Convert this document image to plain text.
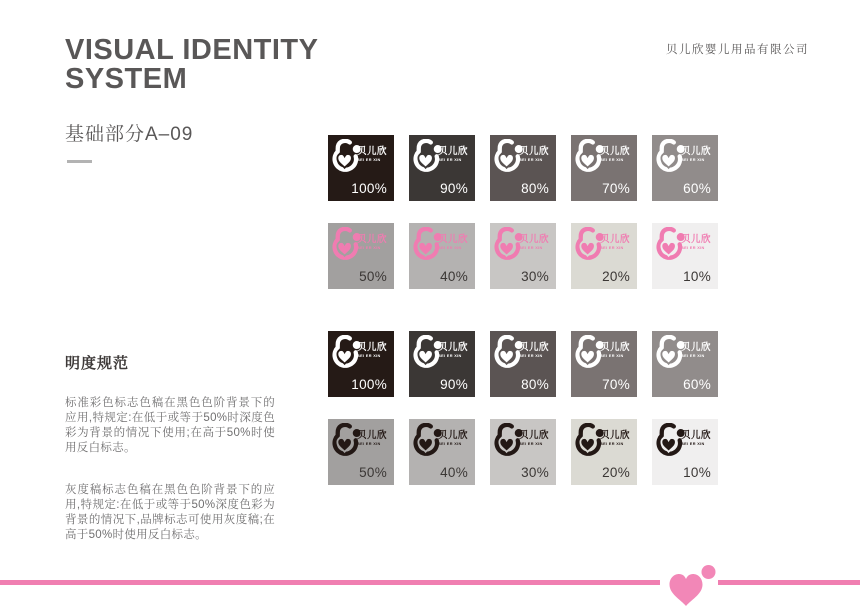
VISUAL IDENTITY
SYSTEM
贝儿欣婴儿用品有限公司
基础部分A–09
明度规范
标准彩色标志色稿在黑色色阶背景下的应用,特规定:在低于或等于50%时深度色彩为背景的情况下使用;在高于50%时使用反白标志。
灰度稿标志色稿在黑色色阶背景下的应用,特规定:在低于或等于50%深度色彩为背景的情况下,品牌标志可使用灰度稿;在高于50%时使用反白标志。
贝儿欣
BEI ER XIN
100%
贝儿欣
BEI ER XIN
90%
贝儿欣
BEI ER XIN
80%
贝儿欣
BEI ER XIN
70%
贝儿欣
BEI ER XIN
60%
贝儿欣
BEI ER XIN
50%
贝儿欣
BEI ER XIN
40%
贝儿欣
BEI ER XIN
30%
贝儿欣
BEI ER XIN
20%
贝儿欣
BEI ER XIN
10%
贝儿欣
BEI ER XIN
100%
贝儿欣
BEI ER XIN
90%
贝儿欣
BEI ER XIN
80%
贝儿欣
BEI ER XIN
70%
贝儿欣
BEI ER XIN
60%
贝儿欣
BEI ER XIN
50%
贝儿欣
BEI ER XIN
40%
贝儿欣
BEI ER XIN
30%
贝儿欣
BEI ER XIN
20%
贝儿欣
BEI ER XIN
10%
